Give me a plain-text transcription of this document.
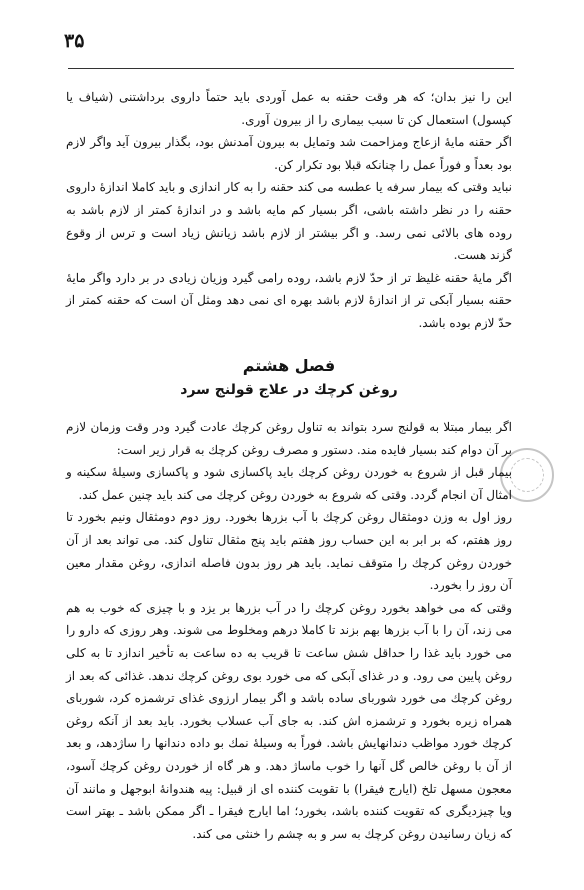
۳۵

این را نیز بدان؛ که هر وقت حقنه به عمل آوردی باید حتماً داروی برداشتنی (شیاف یا کپسول) استعمال کن تا سبب بیماری را از بیرون آوری.

اگر حقنه مایهٔ ازعاج ومزاحمت شد وتمایل به بیرون آمدنش بود، بگذار بیرون آید واگر لازم بود بعداً و فوراً عمل را چنانکه قبلا بود تکرار کن.

نباید وقتی که بیمار سرفه یا عطسه می کند حقنه را به کار اندازی و باید کاملا اندازهٔ داروی حقنه را در نظر داشته باشی، اگر بسیار کم مایه باشد و در اندازهٔ کمتر از لازم باشد به روده های بالائی نمی رسد. و اگر بیشتر از لازم باشد زیانش زیاد است و ترس از وقوع گزند هست.

اگر مایهٔ حقنه غلیظ تر از حدّ لازم باشد، روده رامی گیرد وزیان زیادی در بر دارد واگر مایهٔ حقنه بسیار آبکی تر از اندازهٔ لازم باشد بهره ای نمی دهد ومثل آن است که حقنه کمتر از حدّ لازم بوده باشد.

فصل هشتم
روغن کرچك در علاج قولنج سرد

اگر بیمار مبتلا به قولنج سرد بتواند به تناول روغن کرچك عادت گیرد ودر وقت وزمان لازم بر آن دوام کند بسیار فایده مند. دستور و مصرف روغن کرچك به قرار زیر است:

بیمار قبل از شروع به خوردن روغن کرچك باید پاکسازی شود و پاکسازی وسیلهٔ سکینه و امثال آن انجام گردد. وقتی که شروع به خوردن روغن کرچك می کند باید چنین عمل کند.

روز اول به وزن دومثقال روغن کرچك با آب بزرها بخورد. روز دوم دومثقال ونیم بخورد تا روز هفتم، که بر ابر به این حساب روز هفتم باید پنج مثقال تناول کند. می تواند بعد از آن خوردن روغن کرچك را متوقف نماید. باید هر روز بدون فاصله اندازی، روغن مقدار معین آن روز را بخورد.

وقتی که می خواهد بخورد روغن کرچك را در آب بزرها بر یزد و با چیزی که خوب به هم می زند، آن را با آب بزرها بهم بزند تا کاملا درهم ومخلوط می شوند. وهر روزی که دارو را می خورد باید غذا را حداقل شش ساعت تا قریب به ده ساعت به تأخیر اندازد تا به کلی روغن پایین می رود. و در غذای آبکی که می خورد بوی روغن کرچك ندهد. غذائی که بعد از روغن کرچك می خورد شوربای ساده باشد و اگر بیمار ارزوی غذای ترشمزه کرد، شوربای همراه زیره بخورد و ترشمزه اش کند. به جای آب عسلاب بخورد. باید بعد از آنکه روغن کرچك خورد مواظب دندانهایش باشد. فوراً به وسیلهٔ نمك بو داده دندانها را ساژدهد، و بعد از آن با روغن خالص گل آنها را خوب ماساژ دهد. و هر گاه از خوردن روغن کرچك آسود، معجون مسهل تلخ (ایارج فیقرا) با تقویت کننده ای از قبیل: پیه هندوانهٔ ابوجهل و مانند آن ویا چیزدیگری که تقویت کننده باشد، بخورد؛ اما ایارج فیقرا ـ اگر ممکن باشد ـ بهتر است که زیان رسانیدن روغن کرچك به سر و به چشم را خنثی می کند.
